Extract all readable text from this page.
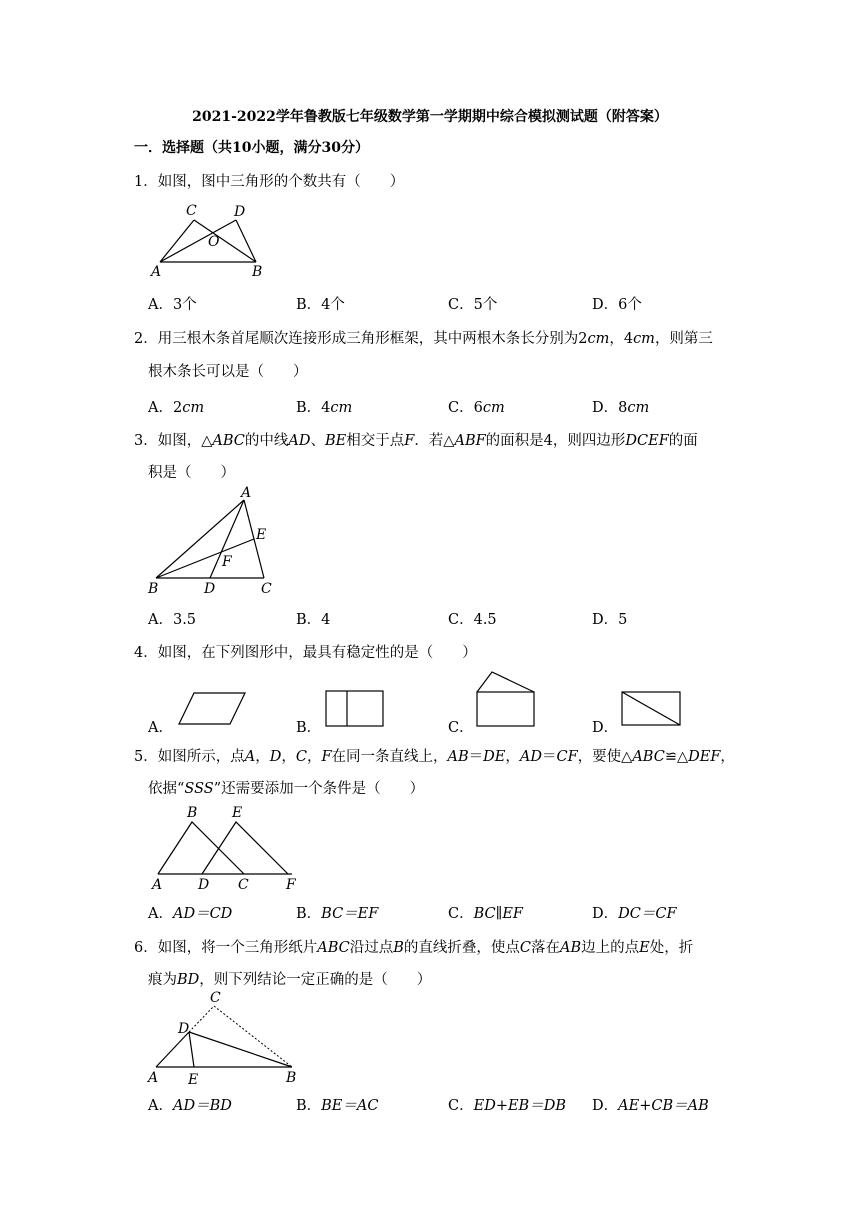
2021-2022学年鲁教版七年级数学第一学期期中综合模拟测试题（附答案）
一．选择题（共10小题，满分30分）
1．如图，图中三角形的个数共有（　　）
C	D
O
A	B
A．3个	B．4个	C．5个	D．6个
2．用三根木条首尾顺次连接形成三角形框架，其中两根木条长分别为2cm，4cm，则第三
根木条长可以是（　　）
A．2cm	B．4cm	C．6cm	D．8cm
3．如图，△ABC的中线AD、BE相交于点F．若△ABF的面积是4，则四边形DCEF的面
积是（　　）
A
E
F
B	D	C
A．3.5	B．4	C．4.5	D．5
4．如图，在下列图形中，最具有稳定性的是（　　）
A．	B．	C．	D．
5．如图所示，点A，D，C，F在同一条直线上，AB＝DE，AD＝CF，要使△ABC≌△DEF，
依据“SSS”还需要添加一个条件是（　　）
B E
A	D C	F
A．AD＝CD	B．BC＝EF	C．BC∥EF	D．DC＝CF
6．如图，将一个三角形纸片ABC沿过点B的直线折叠，使点C落在AB边上的点E处，折
痕为BD，则下列结论一定正确的是（　　）
C
D
A E	B
A．AD＝BD	B．BE＝AC	C．ED+EB＝DB D．AE+CB＝AB
